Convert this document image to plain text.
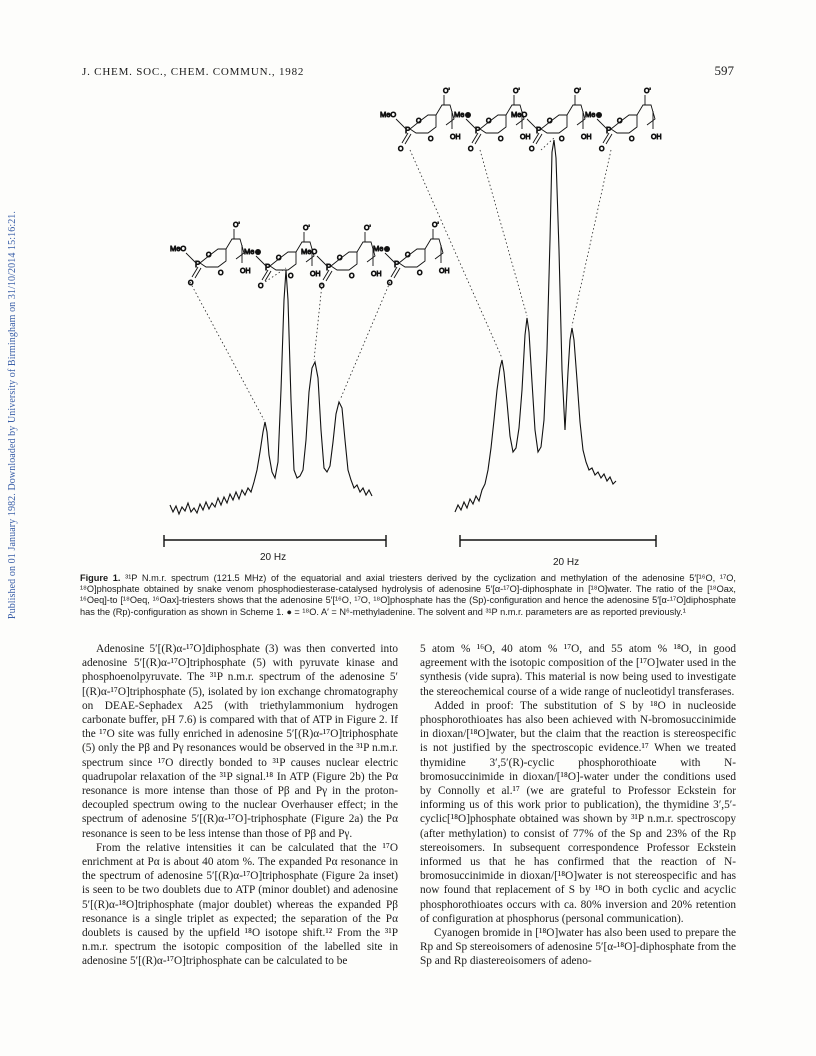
Published on 01 January 1982. Downloaded by University of Birmingham on 31/10/2014 15:16:21.
J. CHEM. SOC., CHEM. COMMUN., 1982	597
O'
P
O
O OH
O
MeO
O'
P
O
O OH
O
Me
O'
P
O
O OH
O
MeO
O'
P
O
O OH
O
Me
O'
P
O
O OH
O
MeO
O'
P
O
O OH
O
Me
O'
P
O
O OH
O
MeO
O'
P
O
O OH
O
Me
20 Hz	20 Hz
Figure 1. ³¹P N.m.r. spectrum (121.5 MHz) of the equatorial and axial triesters derived by the cyclization and methylation of the adenosine 5′[¹⁶O, ¹⁷O, ¹⁸O]phosphate obtained by snake venom phosphodiesterase-catalysed hydrolysis of adenosine 5′[α-¹⁷O]-diphosphate in [¹⁸O]water. The ratio of the [¹⁸Oax, ¹⁶Oeq]-to [¹⁸Oeq, ¹⁶Oax]-triesters shows that the adenosine 5′[¹⁶O, ¹⁷O, ¹⁸O]phosphate has the (Sp)-configuration and hence the adenosine 5′[α-¹⁷O]diphosphate has the (Rp)-configuration as shown in Scheme 1. ● = ¹⁸O. A′ = N⁶-methyladenine. The solvent and ³¹P n.m.r. parameters are as reported previously.¹

Adenosine 5′[(R)α-¹⁷O]diphosphate (3) was then converted into adenosine 5′[(R)α-¹⁷O]triphosphate (5) with pyruvate kinase and phosphoenolpyruvate. The ³¹P n.m.r. spectrum of the adenosine 5′[(R)α-¹⁷O]triphosphate (5), isolated by ion exchange chromatography on DEAE-Sephadex A25 (with triethylammonium hydrogen carbonate buffer, pH 7.6) is compared with that of ATP in Figure 2. If the ¹⁷O site was fully enriched in adenosine 5′[(R)α-¹⁷O]triphosphate (5) only the Pβ and Pγ resonances would be observed in the ³¹P n.m.r. spectrum since ¹⁷O directly bonded to ³¹P causes nuclear electric quadrupolar relaxation of the ³¹P signal.¹⁸ In ATP (Figure 2b) the Pα resonance is more intense than those of Pβ and Pγ in the proton-decoupled spectrum owing to the nuclear Overhauser effect; in the spectrum of adenosine 5′[(R)α-¹⁷O]-triphosphate (Figure 2a) the Pα resonance is seen to be less intense than those of Pβ and Pγ.

From the relative intensities it can be calculated that the ¹⁷O enrichment at Pα is about 40 atom %. The expanded Pα resonance in the spectrum of adenosine 5′[(R)α-¹⁷O]triphosphate (Figure 2a inset) is seen to be two doublets due to ATP (minor doublet) and adenosine 5′[(R)α-¹⁸O]triphosphate (major doublet) whereas the expanded Pβ resonance is a single triplet as expected; the separation of the Pα doublets is caused by the upfield ¹⁸O isotope shift.¹² From the ³¹P n.m.r. spectrum the isotopic composition of the labelled site in adenosine 5′[(R)α-¹⁷O]triphosphate can be calculated to be

5 atom % ¹⁶O, 40 atom % ¹⁷O, and 55 atom % ¹⁸O, in good agreement with the isotopic composition of the [¹⁷O]water used in the synthesis (vide supra). This material is now being used to investigate the stereochemical course of a wide range of nucleotidyl transferases.

Added in proof: The substitution of S by ¹⁸O in nucleoside phosphorothioates has also been achieved with N-bromosuccinimide in dioxan/[¹⁸O]water, but the claim that the reaction is stereospecific is not justified by the spectroscopic evidence.¹⁷ When we treated thymidine 3′,5′(R)-cyclic phosphorothioate with N-bromosuccinimide in dioxan/[¹⁸O]-water under the conditions used by Connolly et al.¹⁷ (we are grateful to Professor Eckstein for informing us of this work prior to publication), the thymidine 3′,5′-cyclic[¹⁸O]phosphate obtained was shown by ³¹P n.m.r. spectroscopy (after methylation) to consist of 77% of the Sp and 23% of the Rp stereoisomers. In subsequent correspondence Professor Eckstein informed us that he has confirmed that the reaction of N-bromosuccinimide in dioxan/[¹⁸O]water is not stereospecific and has now found that replacement of S by ¹⁸O in both cyclic and acyclic phosphorothioates occurs with ca. 80% inversion and 20% retention of configuration at phosphorus (personal communication).

Cyanogen bromide in [¹⁸O]water has also been used to prepare the Rp and Sp stereoisomers of adenosine 5′[α-¹⁸O]-diphosphate from the Sp and Rp diastereoisomers of adeno-
